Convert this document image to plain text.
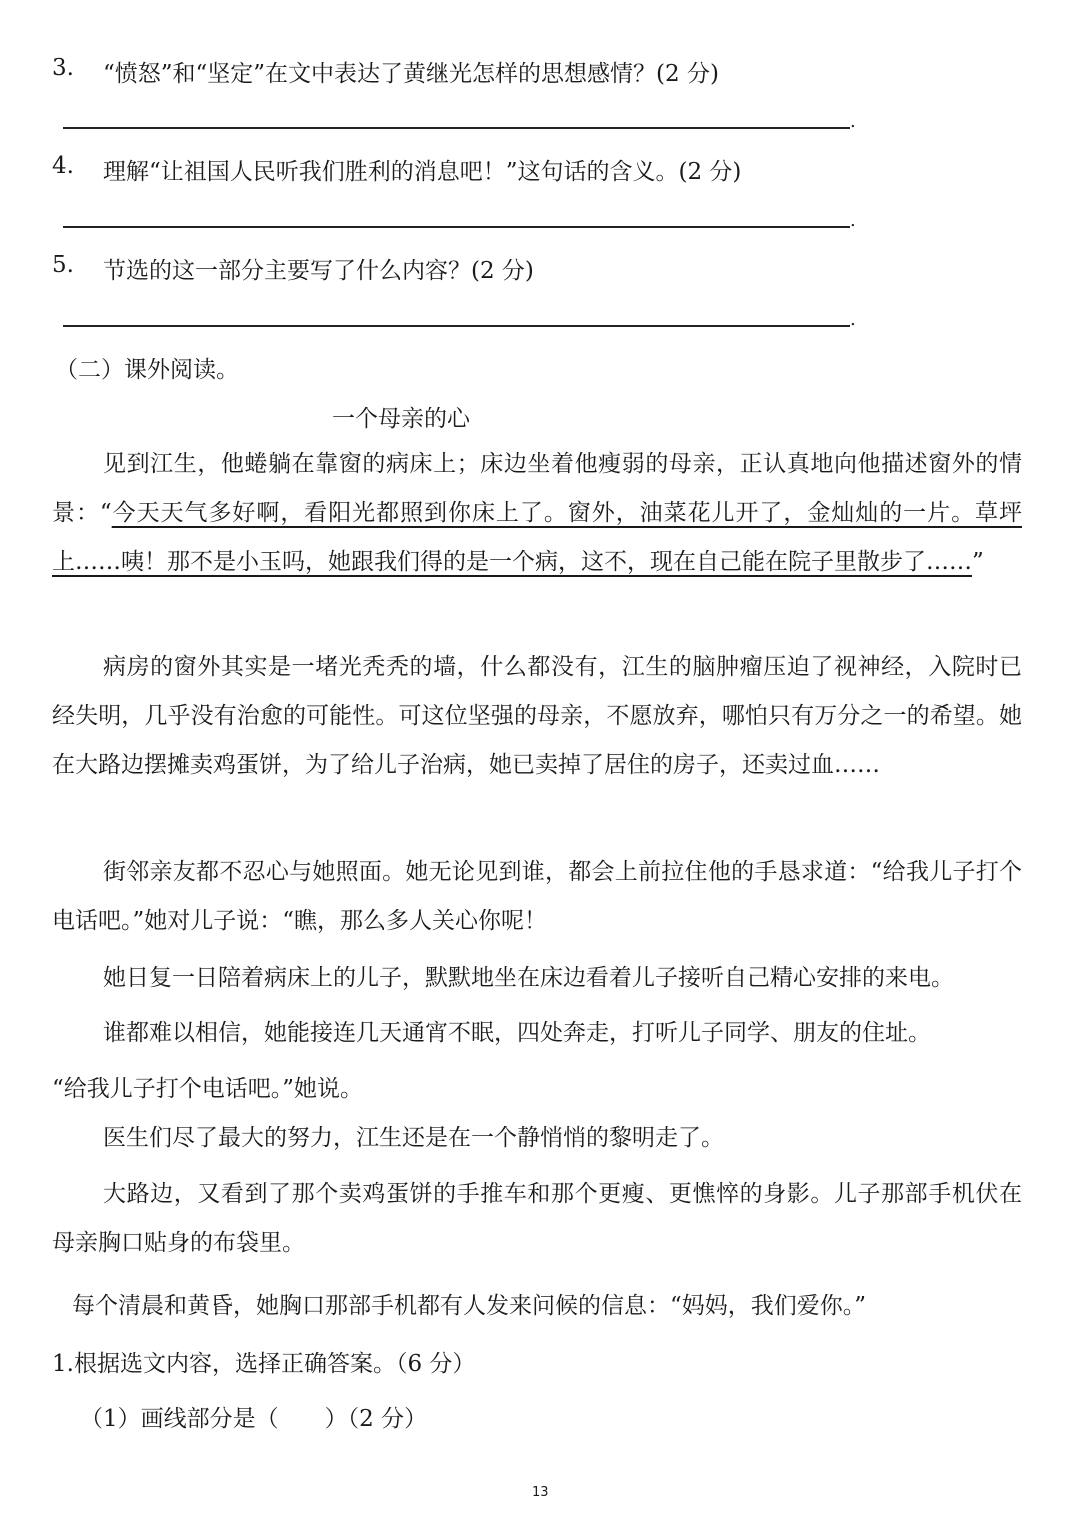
3. “愤怒”和“坚定”在文中表达了黄继光怎样的思想感情？(2 分)
.
4. 理解“让祖国人民听我们胜利的消息吧！”这句话的含义。(2 分)
.
5. 节选的这一部分主要写了什么内容？(2 分)
.
（二）课外阅读。
一个母亲的心

见到江生，他蜷躺在靠窗的病床上；床边坐着他瘦弱的母亲，正认真地向他描述窗外的情景：“今天天气多好啊，看阳光都照到你床上了。窗外，油菜花儿开了，金灿灿的一片。草坪上……咦！那不是小玉吗，她跟我们得的是一个病，这不，现在自己能在院子里散步了……”

病房的窗外其实是一堵光秃秃的墙，什么都没有，江生的脑肿瘤压迫了视神经，入院时已经失明，几乎没有治愈的可能性。可这位坚强的母亲，不愿放弃，哪怕只有万分之一的希望。她在大路边摆摊卖鸡蛋饼，为了给儿子治病，她已卖掉了居住的房子，还卖过血……

街邻亲友都不忍心与她照面。她无论见到谁，都会上前拉住他的手恳求道：“给我儿子打个电话吧。”她对儿子说：“瞧，那么多人关心你呢！

她日复一日陪着病床上的儿子，默默地坐在床边看着儿子接听自己精心安排的来电。

谁都难以相信，她能接连几天通宵不眠，四处奔走，打听儿子同学、朋友的住址。

“给我儿子打个电话吧。”她说。

医生们尽了最大的努力，江生还是在一个静悄悄的黎明走了。

大路边，又看到了那个卖鸡蛋饼的手推车和那个更瘦、更憔悴的身影。儿子那部手机伏在母亲胸口贴身的布袋里。

每个清晨和黄昏，她胸口那部手机都有人发来问候的信息：“妈妈，我们爱你。”
1.根据选文内容，选择正确答案。（6 分）
（1）画线部分是（　　）（2 分）
13
